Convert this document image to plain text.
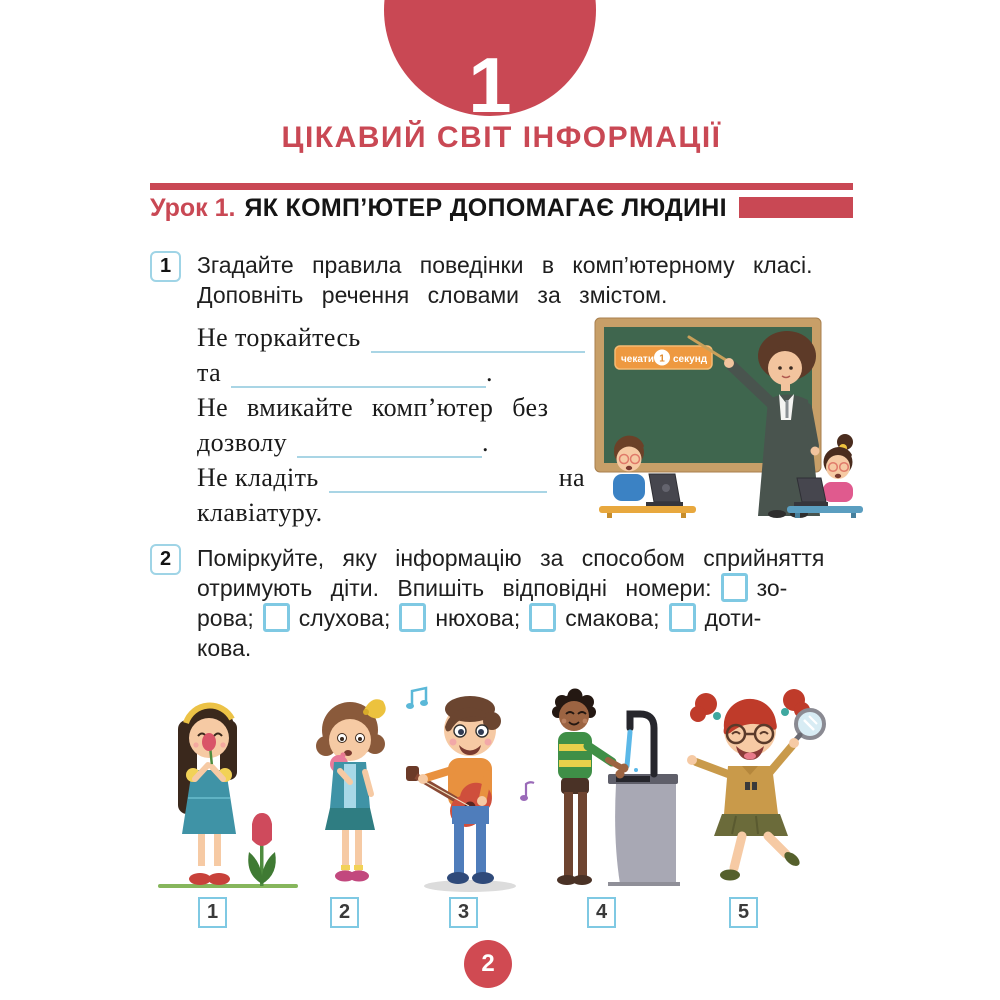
1
ЦІКАВИЙ СВІТ ІНФОРМАЦІЇ
Урок 1. ЯК КОМП’ЮТЕР ДОПОМАГАЄ ЛЮДИНІ
1	Згадайте правила поведінки в комп’ютерному класі.
Доповніть речення словами за змістом.
Не торкайтесь
та	.
Не вмикайте комп’ютер без
дозволу	.
Не кладіть	на
клавіатуру.
чекати 1 секунд
2	Поміркуйте, яку інформацію за способом сприйняття
отримують діти. Впишіть відповідні номери: зо-
рова; слухова; нюхова; смакова; доти-
кова.
1	2	3	4	5
2
